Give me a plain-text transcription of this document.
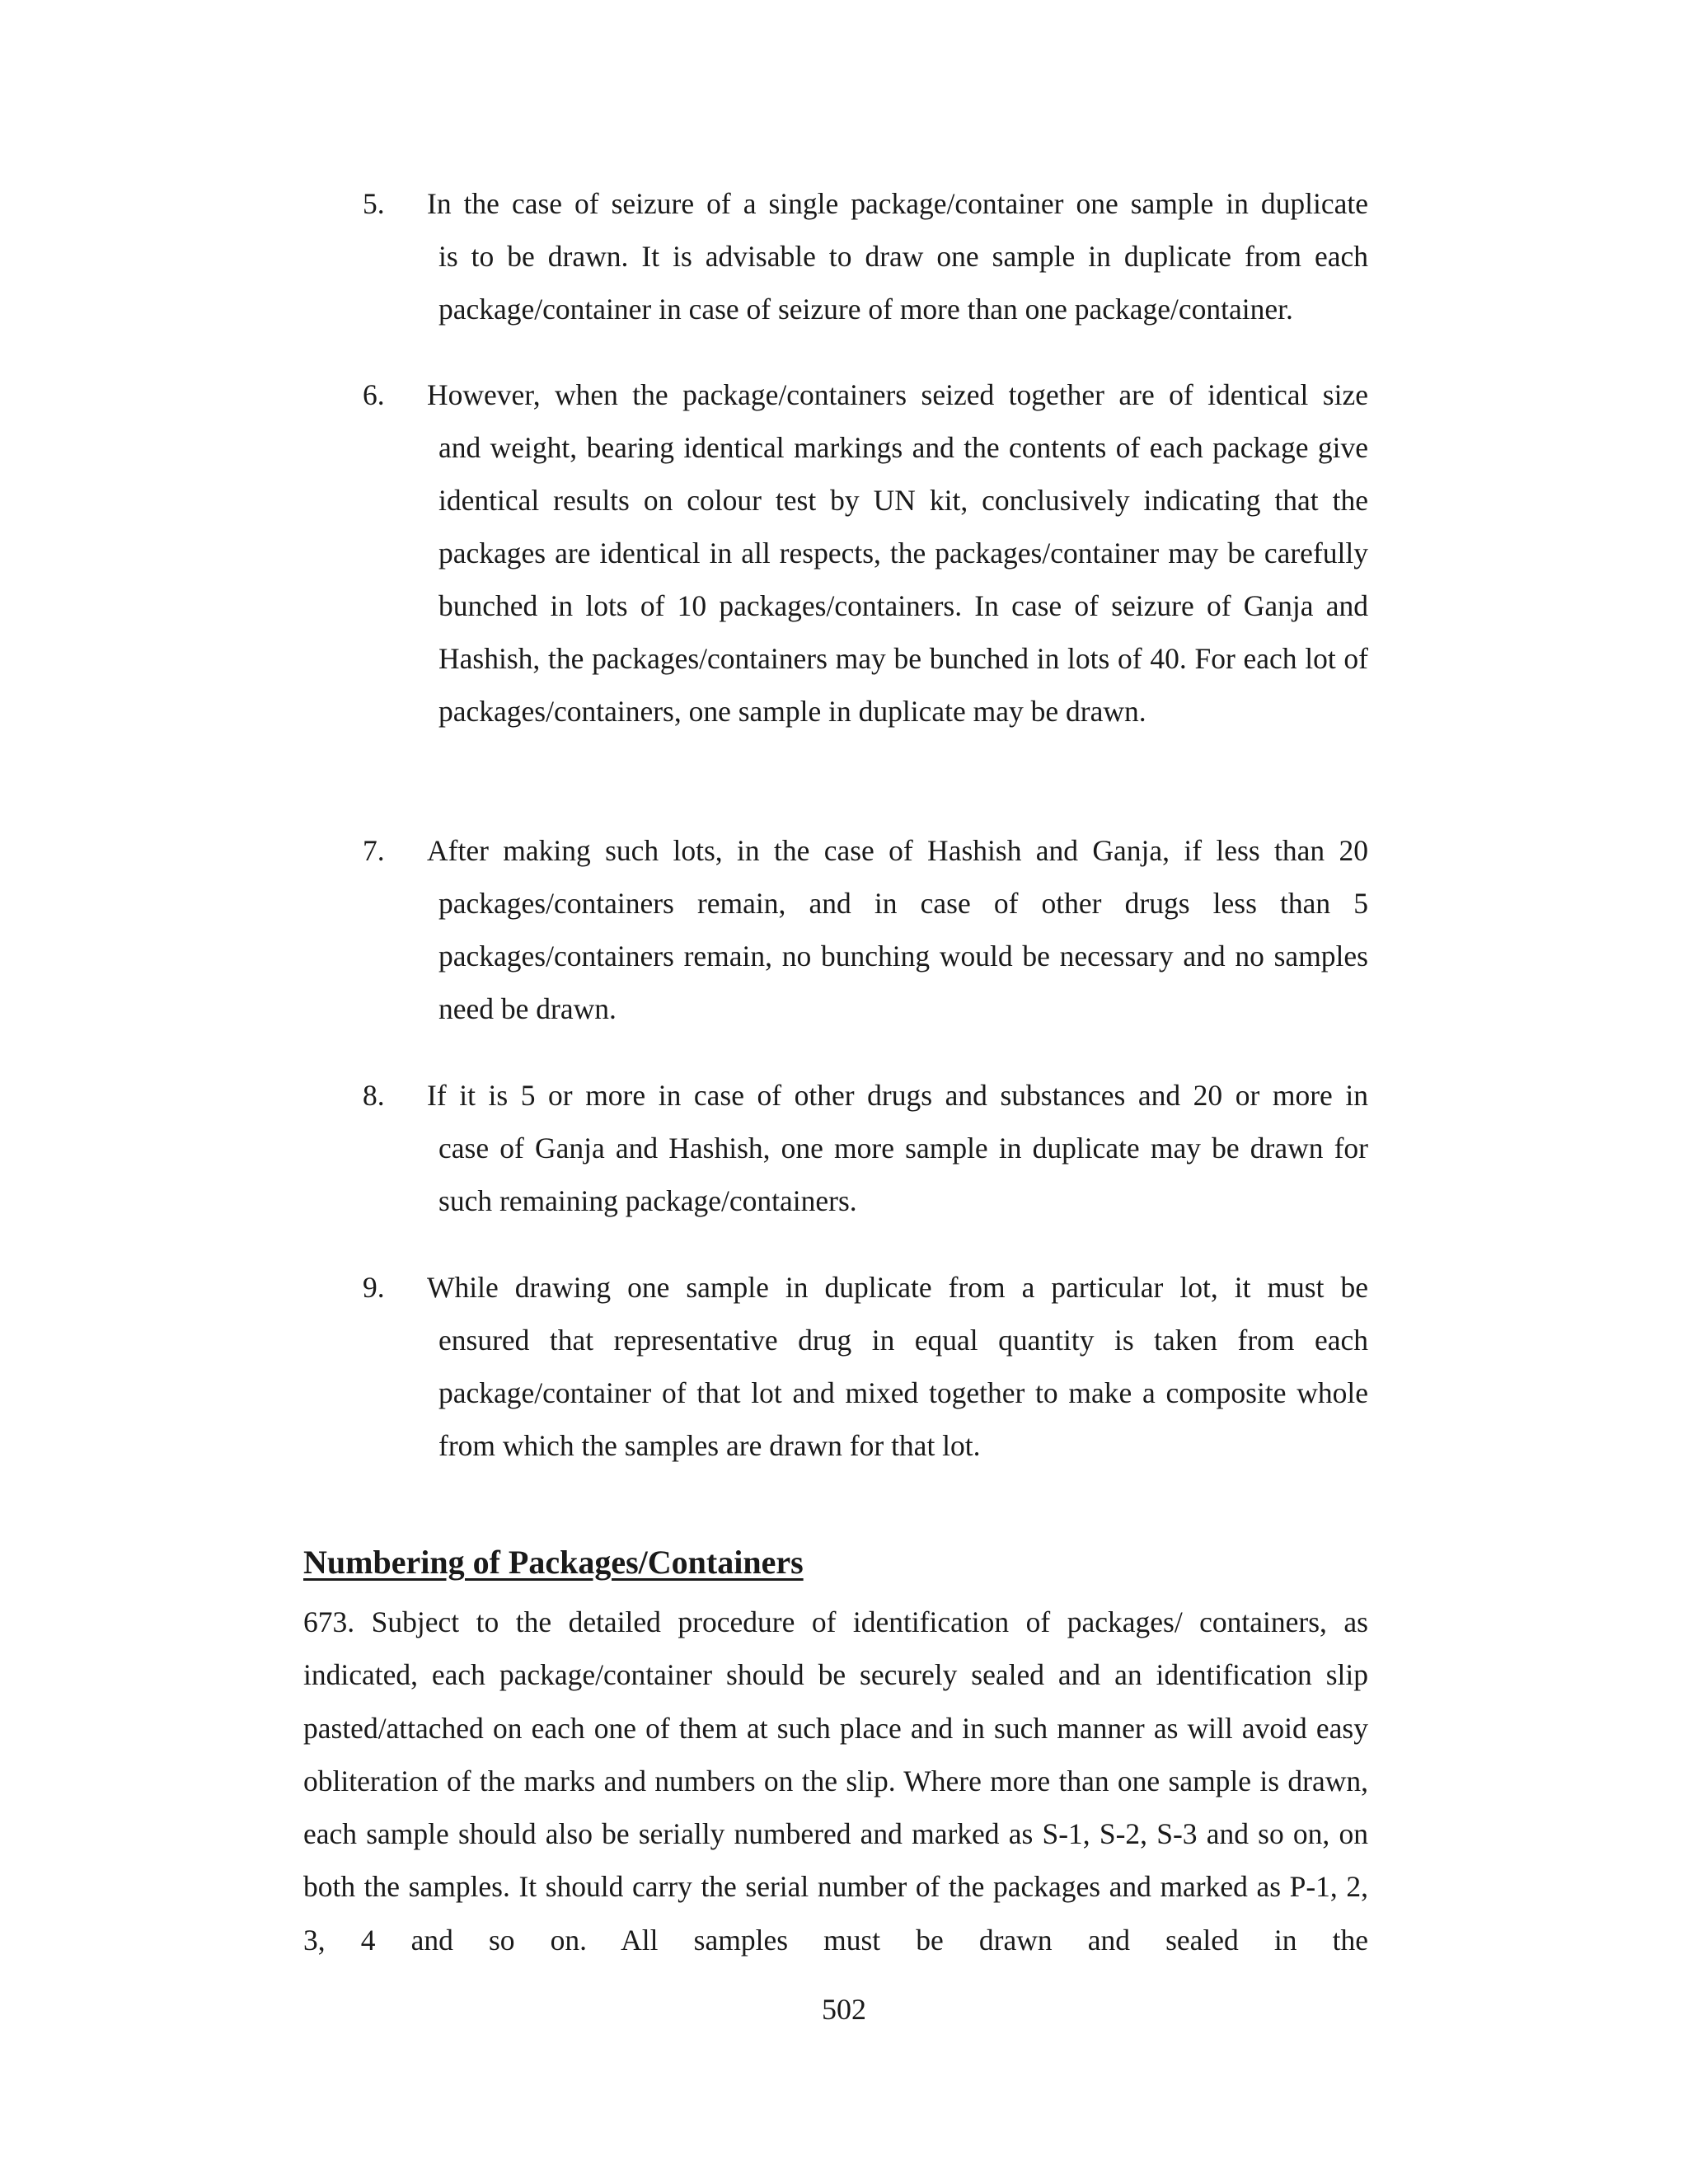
5. In the case of seizure of a single package/container one sample in duplicate
is to be drawn. It is advisable to draw one sample in duplicate from each package/container in case of seizure of more than one package/container.
6. However, when the package/containers seized together are of identical size
and weight, bearing identical markings and the contents of each package give identical results on colour test by UN kit, conclusively indicating that the packages are identical in all respects, the packages/container may be carefully bunched in lots of 10 packages/containers. In case of seizure of Ganja and Hashish, the packages/containers may be bunched in lots of 40. For each lot of packages/containers, one sample in duplicate may be drawn.
7. After making such lots, in the case of Hashish and Ganja, if less than 20
packages/containers remain, and in case of other drugs less than 5 packages/containers remain, no bunching would be necessary and no samples need be drawn.
8. If it is 5 or more in case of other drugs and substances and 20 or more in
case of Ganja and Hashish, one more sample in duplicate may be drawn for such remaining package/containers.
9. While drawing one sample in duplicate from a particular lot, it must be
ensured that representative drug in equal quantity is taken from each package/container of that lot and mixed together to make a composite whole from which the samples are drawn for that lot.
Numbering of Packages/Containers
673. Subject to the detailed procedure of identification of packages/ containers, as indicated, each package/container should be securely sealed and an identification slip pasted/attached on each one of them at such place and in such manner as will avoid easy obliteration of the marks and numbers on the slip. Where more than one sample is drawn, each sample should also be serially numbered and marked as S-1, S-2, S-3 and so on, on both the samples. It should carry the serial number of the packages and marked as P-1, 2, 3, 4 and so on. All samples must be drawn and sealed in the
502
